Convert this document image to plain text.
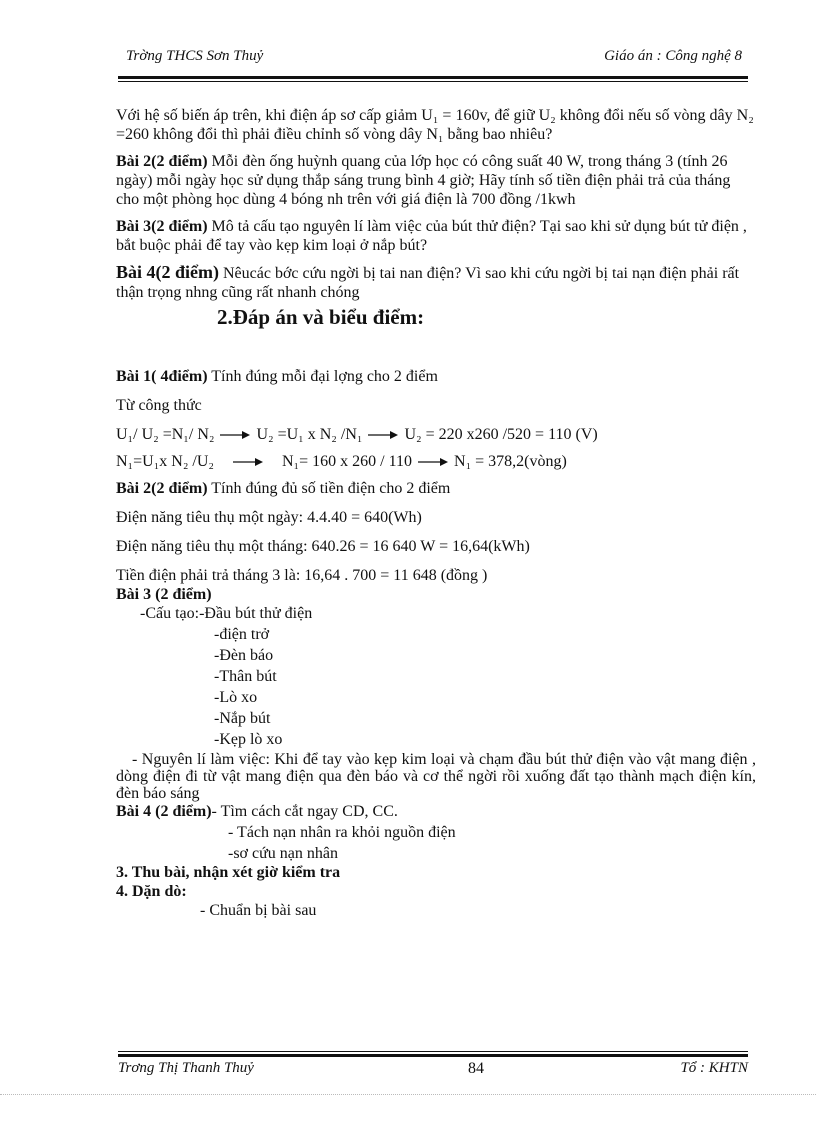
Trờng THCS Sơn Thuỷ	Giáo án : Công nghệ 8

Với hệ số biến áp trên, khi điện áp sơ cấp giảm U₁ = 160v, để giữ U₂ không đổi nếu số vòng dây N₂ =260 không đổi thì phải điều chỉnh số vòng dây N₁ bằng bao nhiêu?

Bài 2(2 điểm) Mỗi đèn ống huỳnh quang của lớp học có công suất 40 W, trong tháng 3 (tính 26 ngày) mỗi ngày học sử dụng thắp sáng trung bình 4 giờ; Hãy tính số tiền điện phải trả của tháng cho một phòng học dùng 4 bóng nh trên với giá điện là 700 đồng /1kwh

Bài 3(2 điểm) Mô tả cấu tạo nguyên lí làm việc của bút thử điện? Tại sao khi sử dụng bút tử điện , bắt buộc phải để tay vào kẹp kim loại ở nắp bút?

Bài 4(2 điểm) Nêucác bớc cứu ngời bị tai nan điện? Vì sao khi cứu ngời bị tai nạn điện phải rất thận trọng nhng cũng rất nhanh chóng

2.Đáp án và biểu điểm:

Bài 1( 4điểm) Tính đúng mỗi đại lợng cho 2 điểm

Từ công thức

U₁/ U₂ =N₁/ N₂	U₂ =U₁ x N₂ /N₁	U₂ = 220 x260 /520 = 110 (V)

N₁=U₁x N₂ /U₂	N₁= 160 x 260 / 110	N₁ = 378,2(vòng)

Bài 2(2 điểm) Tính đúng đủ số tiền điện cho 2 điểm

Điện năng tiêu thụ một ngày: 4.4.40 = 640(Wh)

Điện năng tiêu thụ một tháng: 640.26 = 16 640 W = 16,64(kWh)

Tiền điện phải trả tháng 3 là: 16,64 . 700 = 11 648 (đồng )

Bài 3 (2 điểm)

-Cấu tạo:-Đầu bút thử điện

-điện trở

-Đèn báo

-Thân bút

-Lò xo

-Nắp bút

-Kẹp lò xo

- Nguyên lí làm việc: Khi để tay vào kẹp kim loại và chạm đầu bút thử điện vào vật mang điện , dòng điện đi từ vật mang điện qua đèn báo và cơ thể ngời rồi xuống đất tạo thành mạch điện kín, đèn báo sáng

Bài 4 (2 điểm)- Tìm cách cắt ngay CD, CC.

- Tách nạn nhân ra khỏi nguồn điện

-sơ cứu nạn nhân

3. Thu bài, nhận xét giờ kiểm tra

4. Dặn dò:

- Chuẩn bị bài sau

Trơng Thị Thanh Thuỷ	84	Tổ : KHTN
